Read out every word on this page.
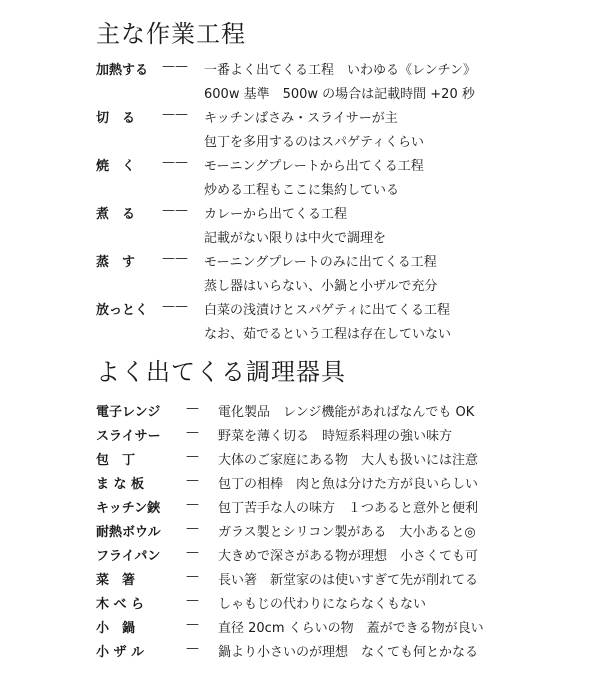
主な作業工程
加熱する —— 一番よく出てくる工程　いわゆる《レンチン》
600w 基準　500w の場合は記載時間 +20 秒
切　る —— キッチンばさみ・スライサーが主
包丁を多用するのはスパゲティくらい
焼　く —— モーニングプレートから出てくる工程
炒める工程もここに集約している
煮　る —— カレーから出てくる工程
記載がない限りは中火で調理を
蒸　す —— モーニングプレートのみに出てくる工程
蒸し器はいらない、小鍋と小ザルで充分
放っとく —— 白菜の浅漬けとスパゲティに出てくる工程
なお、茹でるという工程は存在していない
よく出てくる調理器具
電子レンジ — 電化製品　レンジ機能があればなんでも OK
スライサー — 野菜を薄く切る　時短系料理の強い味方
包　丁	— 大体のご家庭にある物　大人も扱いには注意
ま な 板	— 包丁の相棒　肉と魚は分けた方が良いらしい
キッチン鋏 — 包丁苦手な人の味方　１つあると意外と便利
耐熱ボウル — ガラス製とシリコン製がある　大小あると◎
フライパン — 大きめで深さがある物が理想　小さくても可
菜　箸	— 長い箸　新堂家のは使いすぎて先が削れてる
木 べ ら	— しゃもじの代わりにならなくもない
小　鍋	— 直径 20cm くらいの物　蓋ができる物が良い
小 ザ ル	— 鍋より小さいのが理想　なくても何とかなる
